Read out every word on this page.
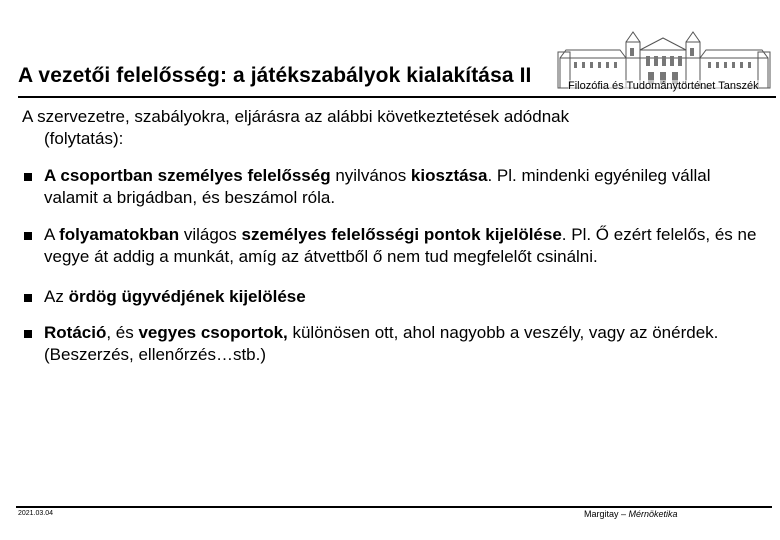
Filozófia és Tudománytörténet Tanszék
A vezetői felelősség: a játékszabályok kialakítása II
A szervezetre, szabályokra, eljárásra az alábbi következtetések adódnak
(folytatás):
A csoportban személyes felelősség nyilvános kiosztása. Pl. mindenki egyénileg vállal valamit a brigádban, és beszámol róla.
A folyamatokban világos személyes felelősségi pontok kijelölése. Pl. Ő ezért felelős, és ne vegye át addig a munkát, amíg az átvettből ő nem tud megfelelőt csinálni.
Az ördög ügyvédjének kijelölése
Rotáció, és vegyes csoportok, különösen ott, ahol nagyobb a veszély, vagy az önérdek. (Beszerzés, ellenőrzés…stb.)
2021.03.04	Margitay – Mérnöketika
